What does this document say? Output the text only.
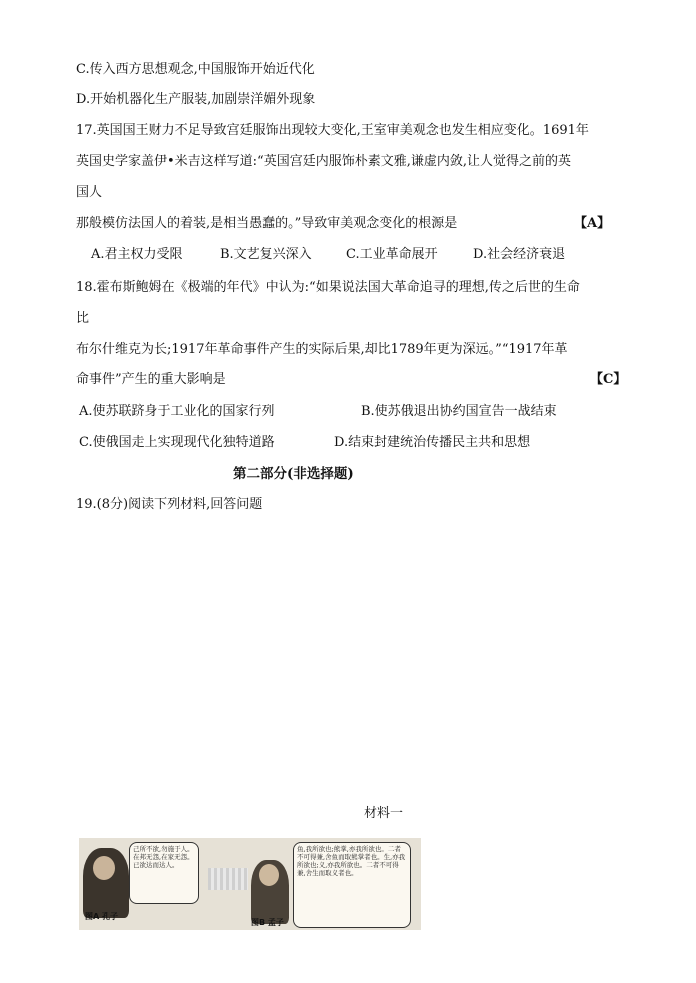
C.传入西方思想观念,中国服饰开始近代化
D.开始机器化生产服装,加剧崇洋媚外现象
17.英国国王财力不足导致宫廷服饰出现较大变化,王室审美观念也发生相应变化。1691年
英国史学家盖伊•米吉这样写道:“英国宫廷内服饰朴素文雅,谦虚内敛,让人觉得之前的英
国人
那般模仿法国人的着装,是相当愚蠢的。”导致审美观念变化的根源是	【A】
A.君主权力受限	B.文艺复兴深入	C.工业革命展开	D.社会经济衰退
18.霍布斯鲍姆在《极端的年代》中认为:“如果说法国大革命追寻的理想,传之后世的生命
比
布尔什维克为长;1917年革命事件产生的实际后果,却比1789年更为深远。”“1917年革
命事件”产生的重大影响是	【C】
A.使苏联跻身于工业化的国家行列	B.使苏俄退出协约国宣告一战结束
C.使俄国走上实现现代化独特道路	D.结束封建统治传播民主共和思想
第二部分(非选择题)
19.(8分)阅读下列材料,回答问题
材料一
己所不欲,勿施于人。在邦无怨,在家无怨。已欲达而达人。
图A 孔子
鱼,我所欲也;熊掌,亦我所欲也。二者不可得兼,舍鱼而取熊掌者也。生,亦我所欲也;义,亦我所欲也。二者不可得兼,舍生而取义者也。
图B 孟子
